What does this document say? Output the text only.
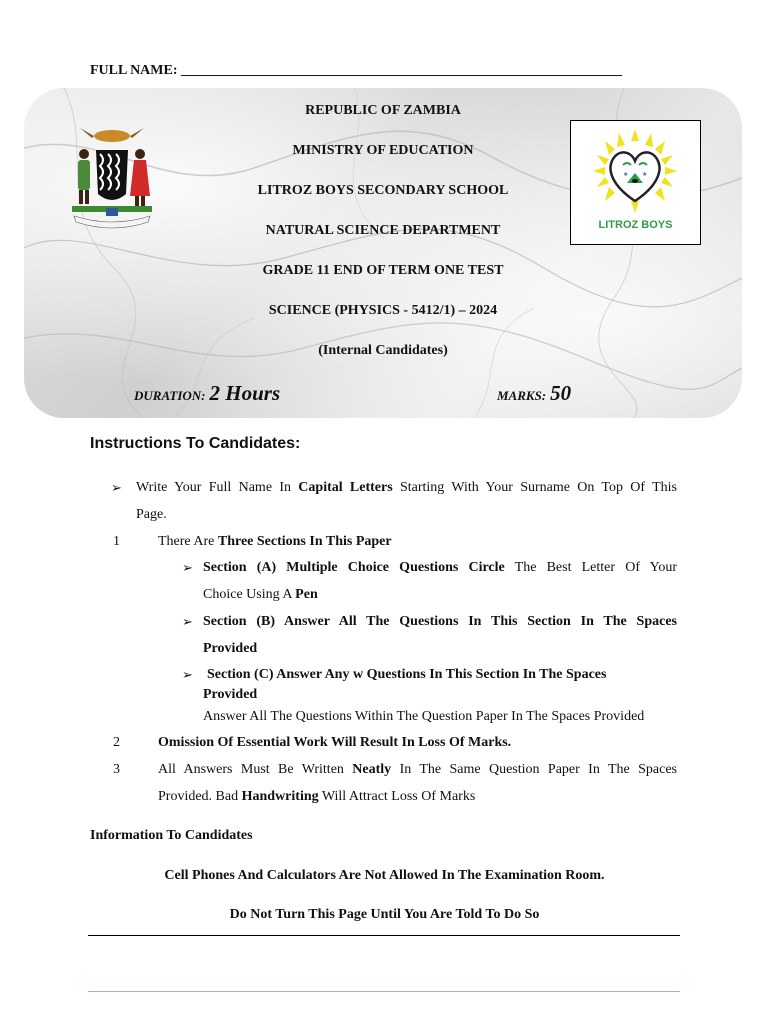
FULL NAME: _______________________________________________________________
REPUBLIC OF ZAMBIA
MINISTRY OF EDUCATION
LITROZ BOYS SECONDARY SCHOOL
NATURAL SCIENCE DEPARTMENT
GRADE 11 END OF TERM ONE TEST
SCIENCE (PHYSICS - 5412/1) – 2024
(Internal Candidates)
★ ★
LITROZ BOYS
DURATION: 2 Hours	MARKS: 50
Instructions To Candidates:
➢ Write Your Full Name In Capital Letters Starting With Your Surname On Top Of This
Page.
1	There Are Three Sections In This Paper
➢ Section (A) Multiple Choice Questions Circle The Best Letter Of Your
Choice Using A Pen
➢ Section (B) Answer All The Questions In This Section In The Spaces
Provided
➢ Section (C) Answer Any w Questions In This Section In The Spaces
Provided
Answer All The Questions Within The Question Paper In The Spaces Provided
2	Omission Of Essential Work Will Result In Loss Of Marks.
3	All Answers Must Be Written Neatly In The Same Question Paper In The Spaces
Provided. Bad Handwriting Will Attract Loss Of Marks
Information To Candidates
Cell Phones And Calculators Are Not Allowed In The Examination Room.
Do Not Turn This Page Until You Are Told To Do So
